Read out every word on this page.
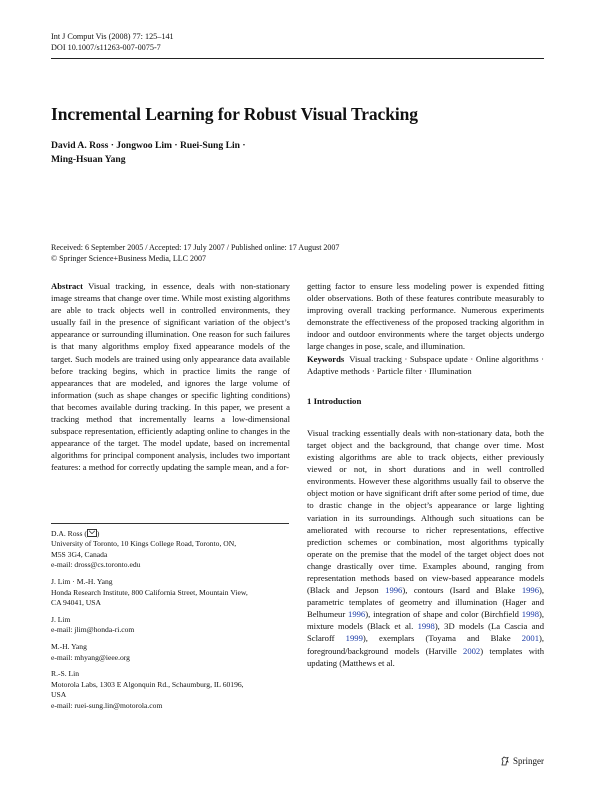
Int J Comput Vis (2008) 77: 125–141
DOI 10.1007/s11263-007-0075-7
Incremental Learning for Robust Visual Tracking
David A. Ross · Jongwoo Lim · Ruei-Sung Lin ·
Ming-Hsuan Yang
Received: 6 September 2005 / Accepted: 17 July 2007 / Published online: 17 August 2007
© Springer Science+Business Media, LLC 2007

Abstract Visual tracking, in essence, deals with non-stationary image streams that change over time. While most existing algorithms are able to track objects well in controlled environments, they usually fail in the presence of significant variation of the object’s appearance or surrounding illumination. One reason for such failures is that many algorithms employ fixed appearance models of the target. Such models are trained using only appearance data available before tracking begins, which in practice limits the range of appearances that are modeled, and ignores the large volume of information (such as shape changes or specific lighting conditions) that becomes available during tracking. In this paper, we present a tracking method that incrementally learns a low-dimensional subspace representation, efficiently adapting online to changes in the appearance of the target. The model update, based on incremental algorithms for principal component analysis, includes two important features: a method for correctly updating the sample mean, and a for-

D.A. Ross ( )
University of Toronto, 10 Kings College Road, Toronto, ON,
M5S 3G4, Canada
e-mail: dross@cs.toronto.edu
J. Lim · M.-H. Yang
Honda Research Institute, 800 California Street, Mountain View,
CA 94041, USA
J. Lim
e-mail: jlim@honda-ri.com
M.-H. Yang
e-mail: mhyang@ieee.org
R.-S. Lin
Motorola Labs, 1303 E Algonquin Rd., Schaumburg, IL 60196,
USA
e-mail: ruei-sung.lin@motorola.com

getting factor to ensure less modeling power is expended fitting older observations. Both of these features contribute measurably to improving overall tracking performance. Numerous experiments demonstrate the effectiveness of the proposed tracking algorithm in indoor and outdoor environments where the target objects undergo large changes in pose, scale, and illumination.

Keywords Visual tracking · Subspace update · Online algorithms · Adaptive methods · Particle filter · Illumination

1 Introduction

Visual tracking essentially deals with non-stationary data, both the target object and the background, that change over time. Most existing algorithms are able to track objects, either previously viewed or not, in short durations and in well controlled environments. However these algorithms usually fail to observe the object motion or have significant drift after some period of time, due to drastic change in the object’s appearance or large lighting variation in its surroundings. Although such situations can be ameliorated with recourse to richer representations, effective prediction schemes or combination, most algorithms typically operate on the premise that the model of the target object does not change drastically over time. Examples abound, ranging from representation methods based on view-based appearance models (Black and Jepson 1996), contours (Isard and Blake 1996), parametric templates of geometry and illumination (Hager and Belhumeur 1996), integration of shape and color (Birchfield 1998), mixture models (Black et al. 1998), 3D models (La Cascia and Sclaroff 1999), exemplars (Toyama and Blake 2001), foreground/background models (Harville 2002) templates with updating (Matthews et al.

Springer
